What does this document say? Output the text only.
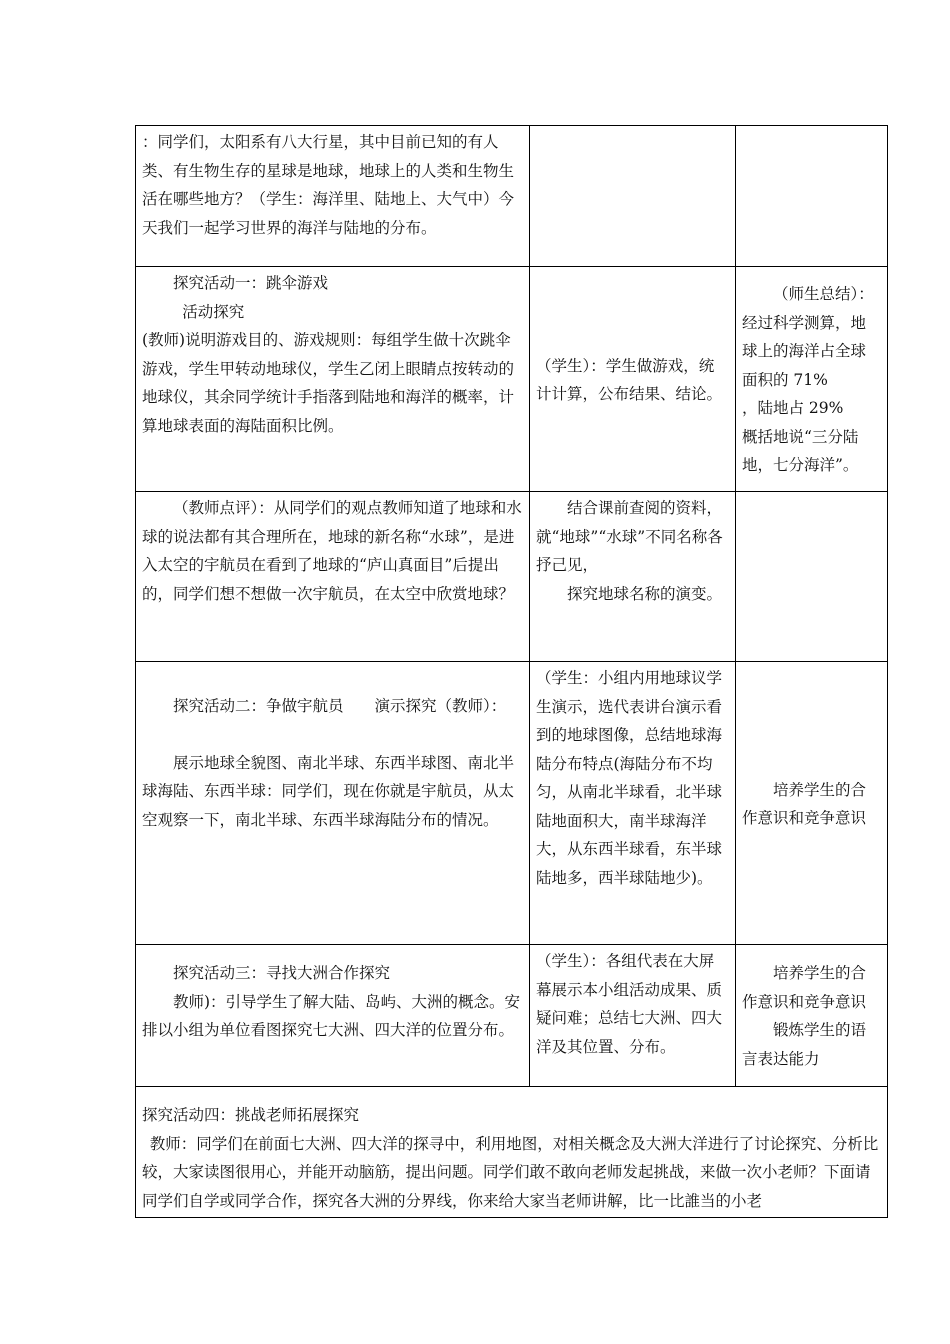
：同学们，太阳系有八大行星，其中目前已知的有人类、有生物生存的星球是地球，地球上的人类和生物生活在哪些地方？（学生：海洋里、陆地上、大气中）今天我们一起学习世界的海洋与陆地的分布。		

探究活动一：跳伞游戏
活动探究
(教师)说明游戏目的、游戏规则：每组学生做十次跳伞游戏，学生甲转动地球仪，学生乙闭上眼睛点按转动的地球仪，其余同学统计手指落到陆地和海洋的概率，计算地球表面的海陆面积比例。	（学生）：学生做游戏，统计计算，公布结果、结论。	（师生总结）：
经过科学测算，地球上的海洋占全球面积的 71%
，陆地占 29%
概括地说“三分陆地，七分海洋”。

（教师点评）：从同学们的观点教师知道了地球和水球的说法都有其合理所在，地球的新名称“水球”，是进入太空的宇航员在看到了地球的“庐山真面目”后提出的，同学们想不想做一次宇航员，在太空中欣赏地球？	结合课前查阅的资料，就“地球”“水球”不同名称各抒己见，
探究地球名称的演变。	

探究活动二：争做宇航员　　演示探究（教师）：
展示地球全貌图、南北半球、东西半球图、南北半球海陆、东西半球：同学们，现在你就是宇航员，从太空观察一下，南北半球、东西半球海陆分布的情况。	（学生：小组内用地球议学生演示，选代表讲台演示看到的地球图像，总结地球海陆分布特点(海陆分布不均匀，从南北半球看，北半球陆地面积大，南半球海洋大，从东西半球看，东半球陆地多，西半球陆地少)。	培养学生的合作意识和竞争意识

探究活动三：寻找大洲合作探究
教师)：引导学生了解大陆、岛屿、大洲的概念。安排以小组为单位看图探究七大洲、四大洋的位置分布。	（学生）：各组代表在大屏幕展示本小组活动成果、质疑问难；总结七大洲、四大洋及其位置、分布。	培养学生的合作意识和竞争意识
锻炼学生的语言表达能力

探究活动四：挑战老师拓展探究
教师：同学们在前面七大洲、四大洋的探寻中，利用地图，对相关概念及大洲大洋进行了讨论探究、分析比较，大家读图很用心，并能开动脑筋，提出问题。同学们敢不敢向老师发起挑战，来做一次小老师？下面请同学们自学或同学合作，探究各大洲的分界线，你来给大家当老师讲解，比一比誰当的小老		
